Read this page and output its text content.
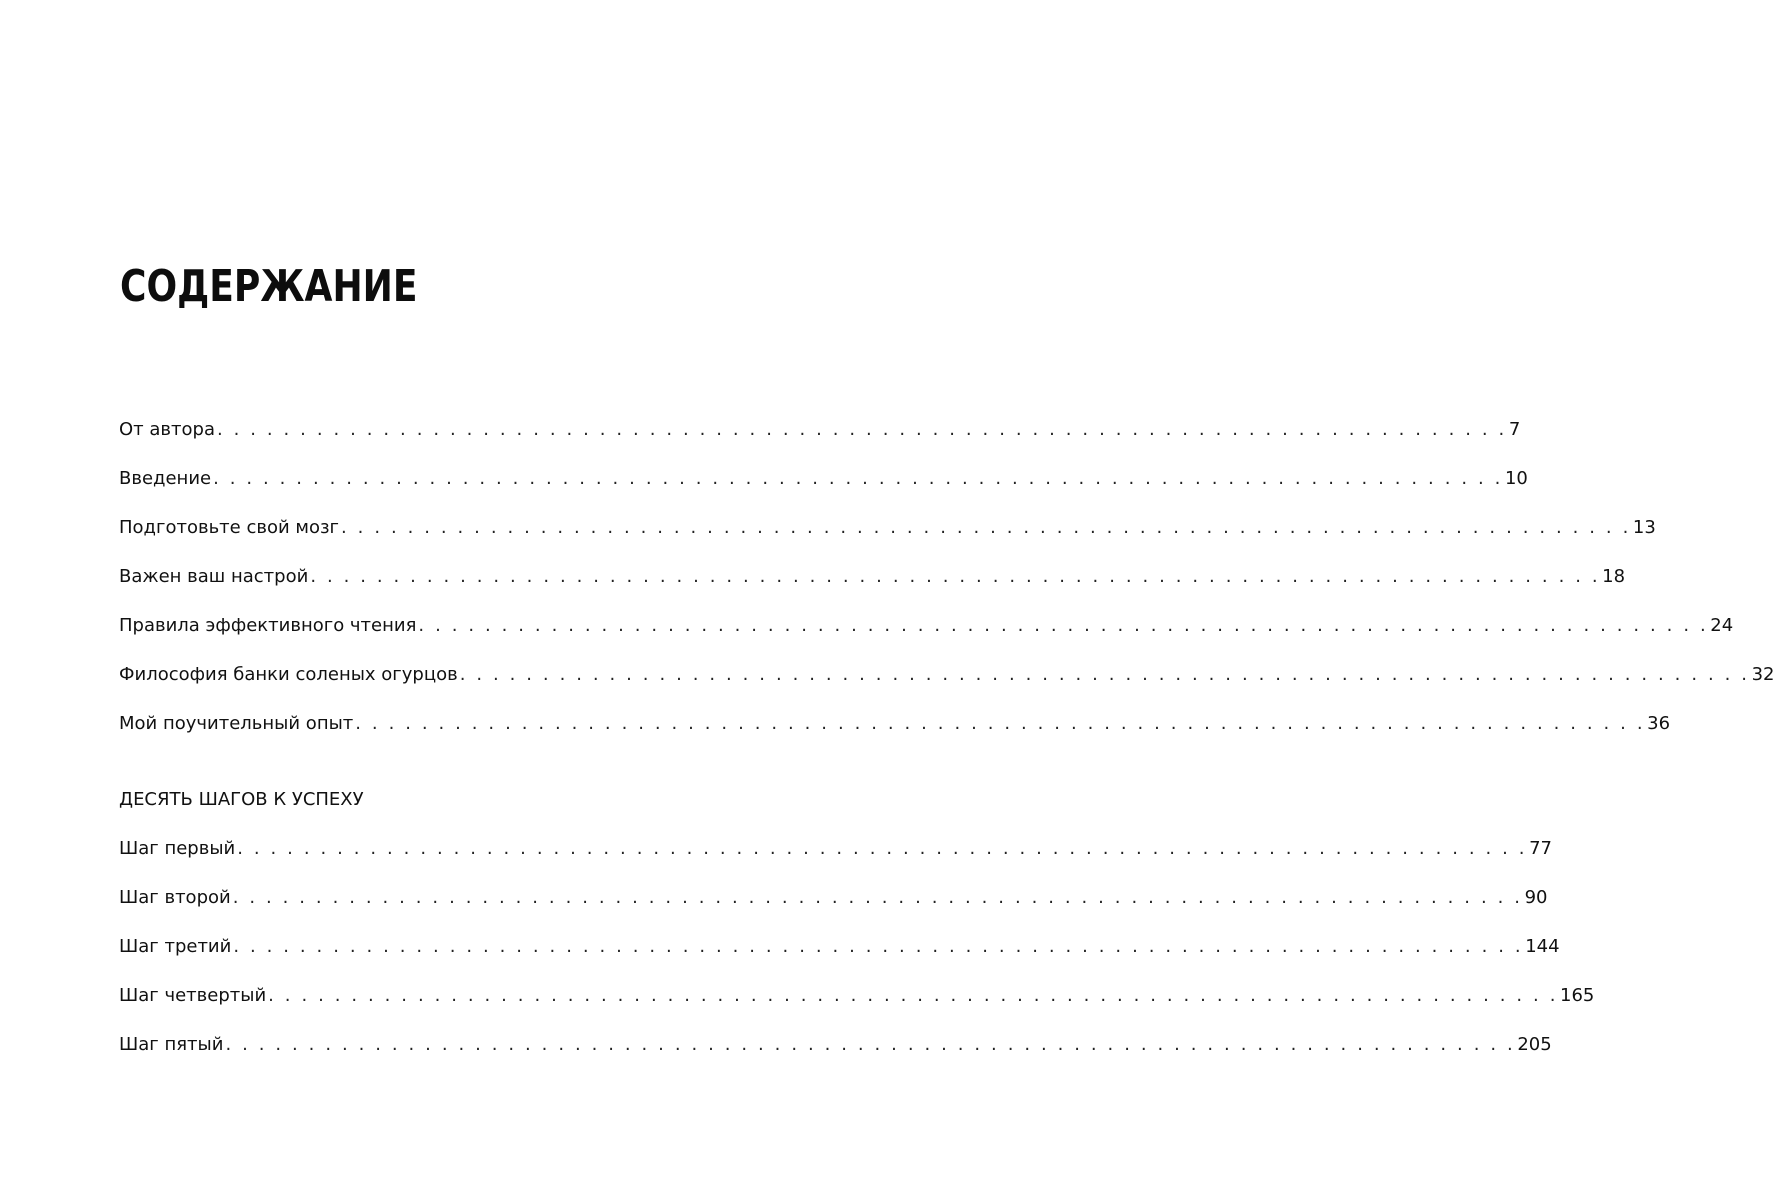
СОДЕРЖАНИЕ
От автора . . . . . . . . . . . . . . . . . . . . . . . . . . . . . . . . . . . . . . . . . . . . . . . . . . . . . . . . . . . . . . . . . . . . . . . . . . . . . . 7
Введение . . . . . . . . . . . . . . . . . . . . . . . . . . . . . . . . . . . . . . . . . . . . . . . . . . . . . . . . . . . . . . . . . . . . . . . . . . . . . . 10
Подготовьте свой мозг . . . . . . . . . . . . . . . . . . . . . . . . . . . . . . . . . . . . . . . . . . . . . . . . . . . . . . . . . . . . . . . . . . . . . . . . . . . . . . 13
Важен ваш настрой . . . . . . . . . . . . . . . . . . . . . . . . . . . . . . . . . . . . . . . . . . . . . . . . . . . . . . . . . . . . . . . . . . . . . . . . . . . . . . 18
Правила эффективного чтения . . . . . . . . . . . . . . . . . . . . . . . . . . . . . . . . . . . . . . . . . . . . . . . . . . . . . . . . . . . . . . . . . . . . . . . . . . . . . . 24
Философия банки соленых огурцов . . . . . . . . . . . . . . . . . . . . . . . . . . . . . . . . . . . . . . . . . . . . . . . . . . . . . . . . . . . . . . . . . . . . . . . . . . . . . . 32
Мой поучительный опыт . . . . . . . . . . . . . . . . . . . . . . . . . . . . . . . . . . . . . . . . . . . . . . . . . . . . . . . . . . . . . . . . . . . . . . . . . . . . . . 36
ДЕСЯТЬ ШАГОВ К УСПЕХУ
Шаг первый . . . . . . . . . . . . . . . . . . . . . . . . . . . . . . . . . . . . . . . . . . . . . . . . . . . . . . . . . . . . . . . . . . . . . . . . . . . . . . 77
Шаг второй . . . . . . . . . . . . . . . . . . . . . . . . . . . . . . . . . . . . . . . . . . . . . . . . . . . . . . . . . . . . . . . . . . . . . . . . . . . . . . 90
Шаг третий . . . . . . . . . . . . . . . . . . . . . . . . . . . . . . . . . . . . . . . . . . . . . . . . . . . . . . . . . . . . . . . . . . . . . . . . . . . . . . 144
Шаг четвертый . . . . . . . . . . . . . . . . . . . . . . . . . . . . . . . . . . . . . . . . . . . . . . . . . . . . . . . . . . . . . . . . . . . . . . . . . . . . . . 165
Шаг пятый . . . . . . . . . . . . . . . . . . . . . . . . . . . . . . . . . . . . . . . . . . . . . . . . . . . . . . . . . . . . . . . . . . . . . . . . . . . . . . 205
